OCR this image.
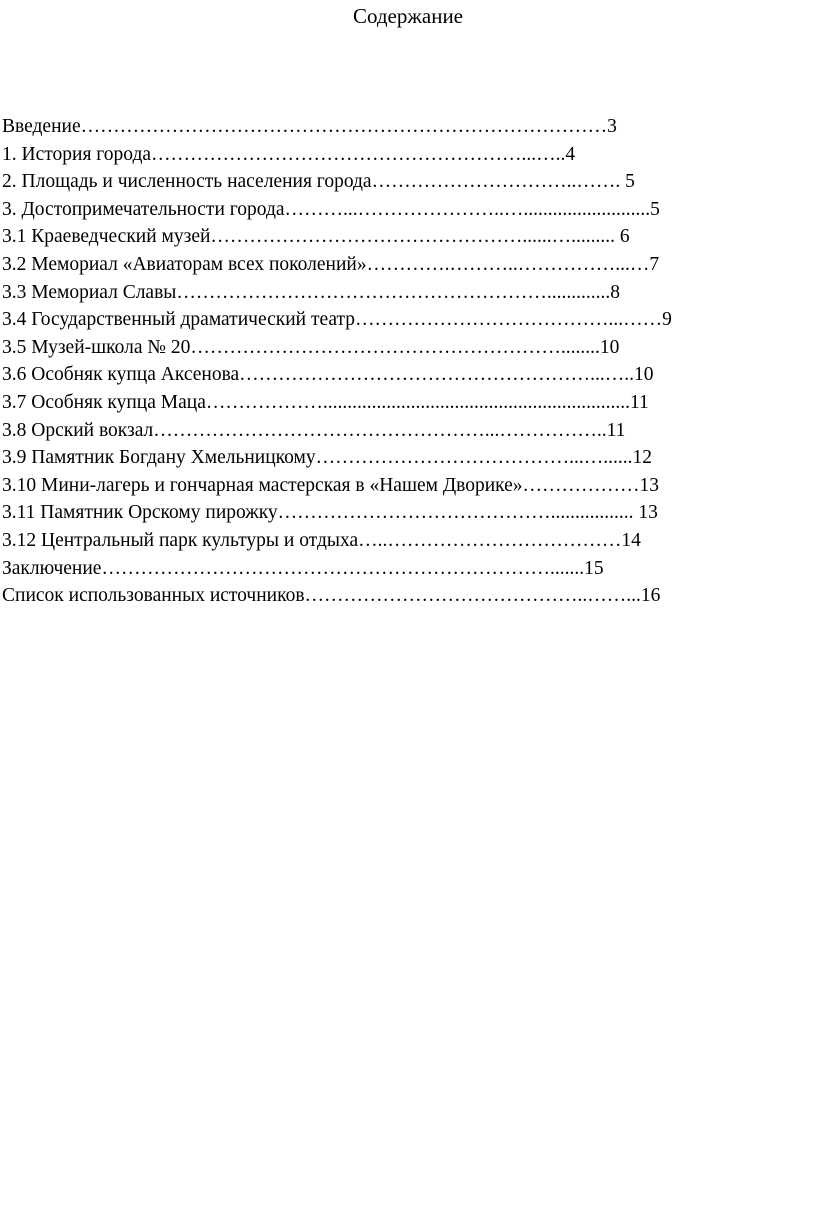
Содержание
Введение………………………………………………………………………3
1. История города…………………………………………………...…..4
2. Площадь и численность населения города…………………………..……. 5
3. Достопримечательности города………...…………………..…..........................5
3.1 Краеведческий музей…………………………………………......…......... 6
3.2 Мемориал «Авиаторам всех поколений»………….………..……………...…7
3.3 Мемориал Славы………………………………………………….............8
3.4 Государственный драматический театр…………………………………...……9
3.5 Музей-школа № 20…………………………………………………........10
3.6 Особняк купца Аксенова………………………………………………...…..10
3.7 Особняк купца Маца………………...............................................................11
3.8 Орский вокзал……………………………………………...……………..11
3.9 Памятник Богдану Хмельницкому…………………………………...…......12
3.10 Мини-лагерь и гончарная мастерская в «Нашем Дворике»………………13
3.11 Памятник Орскому пирожку……………………………………................. 13
3.12 Центральный парк культуры и отдыха…..………………………………14
Заключение…………………………………………………………….......15
Список использованных источников……………………………………..……...16
